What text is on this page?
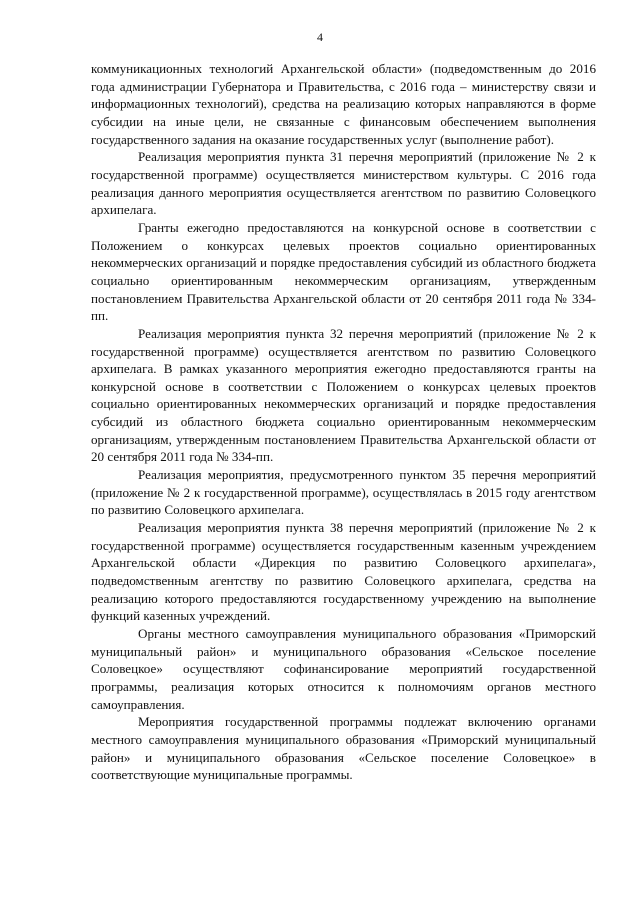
4

коммуникационных технологий Архангельской области» (подведомственным до 2016 года администрации Губернатора и Правительства, с 2016 года – министерству связи и информационных технологий), средства на реализацию которых направляются в форме субсидии на иные цели, не связанные с финансовым обеспечением выполнения государственного задания на оказание государственных услуг (выполнение работ).

Реализация мероприятия пункта 31 перечня мероприятий (приложение № 2 к государственной программе) осуществляется министерством культуры. С 2016 года реализация данного мероприятия осуществляется агентством по развитию Соловецкого архипелага.

Гранты ежегодно предоставляются на конкурсной основе в соответствии с Положением о конкурсах целевых проектов социально ориентированных некоммерческих организаций и порядке предоставления субсидий из областного бюджета социально ориентированным некоммерческим организациям, утвержденным постановлением Правительства Архангельской области от 20 сентября 2011 года № 334-пп.

Реализация мероприятия пункта 32 перечня мероприятий (приложение № 2 к государственной программе) осуществляется агентством по развитию Соловецкого архипелага. В рамках указанного мероприятия ежегодно предоставляются гранты на конкурсной основе в соответствии с Положением о конкурсах целевых проектов социально ориентированных некоммерческих организаций и порядке предоставления субсидий из областного бюджета социально ориентированным некоммерческим организациям, утвержденным постановлением Правительства Архангельской области от 20 сентября 2011 года № 334-пп.

Реализация мероприятия, предусмотренного пунктом 35 перечня мероприятий (приложение № 2 к государственной программе), осуществлялась в 2015 году агентством по развитию Соловецкого архипелага.

Реализация мероприятия пункта 38 перечня мероприятий (приложение № 2 к государственной программе) осуществляется государственным казенным учреждением Архангельской области «Дирекция по развитию Соловецкого архипелага», подведомственным агентству по развитию Соловецкого архипелага, средства на реализацию которого предоставляются государственному учреждению на выполнение функций казенных учреждений.

Органы местного самоуправления муниципального образования «Приморский муниципальный район» и муниципального образования «Сельское поселение Соловецкое» осуществляют софинансирование мероприятий государственной программы, реализация которых относится к полномочиям органов местного самоуправления.

Мероприятия государственной программы подлежат включению органами местного самоуправления муниципального образования «Приморский муниципальный район» и муниципального образования «Сельское поселение Соловецкое» в соответствующие муниципальные программы.
